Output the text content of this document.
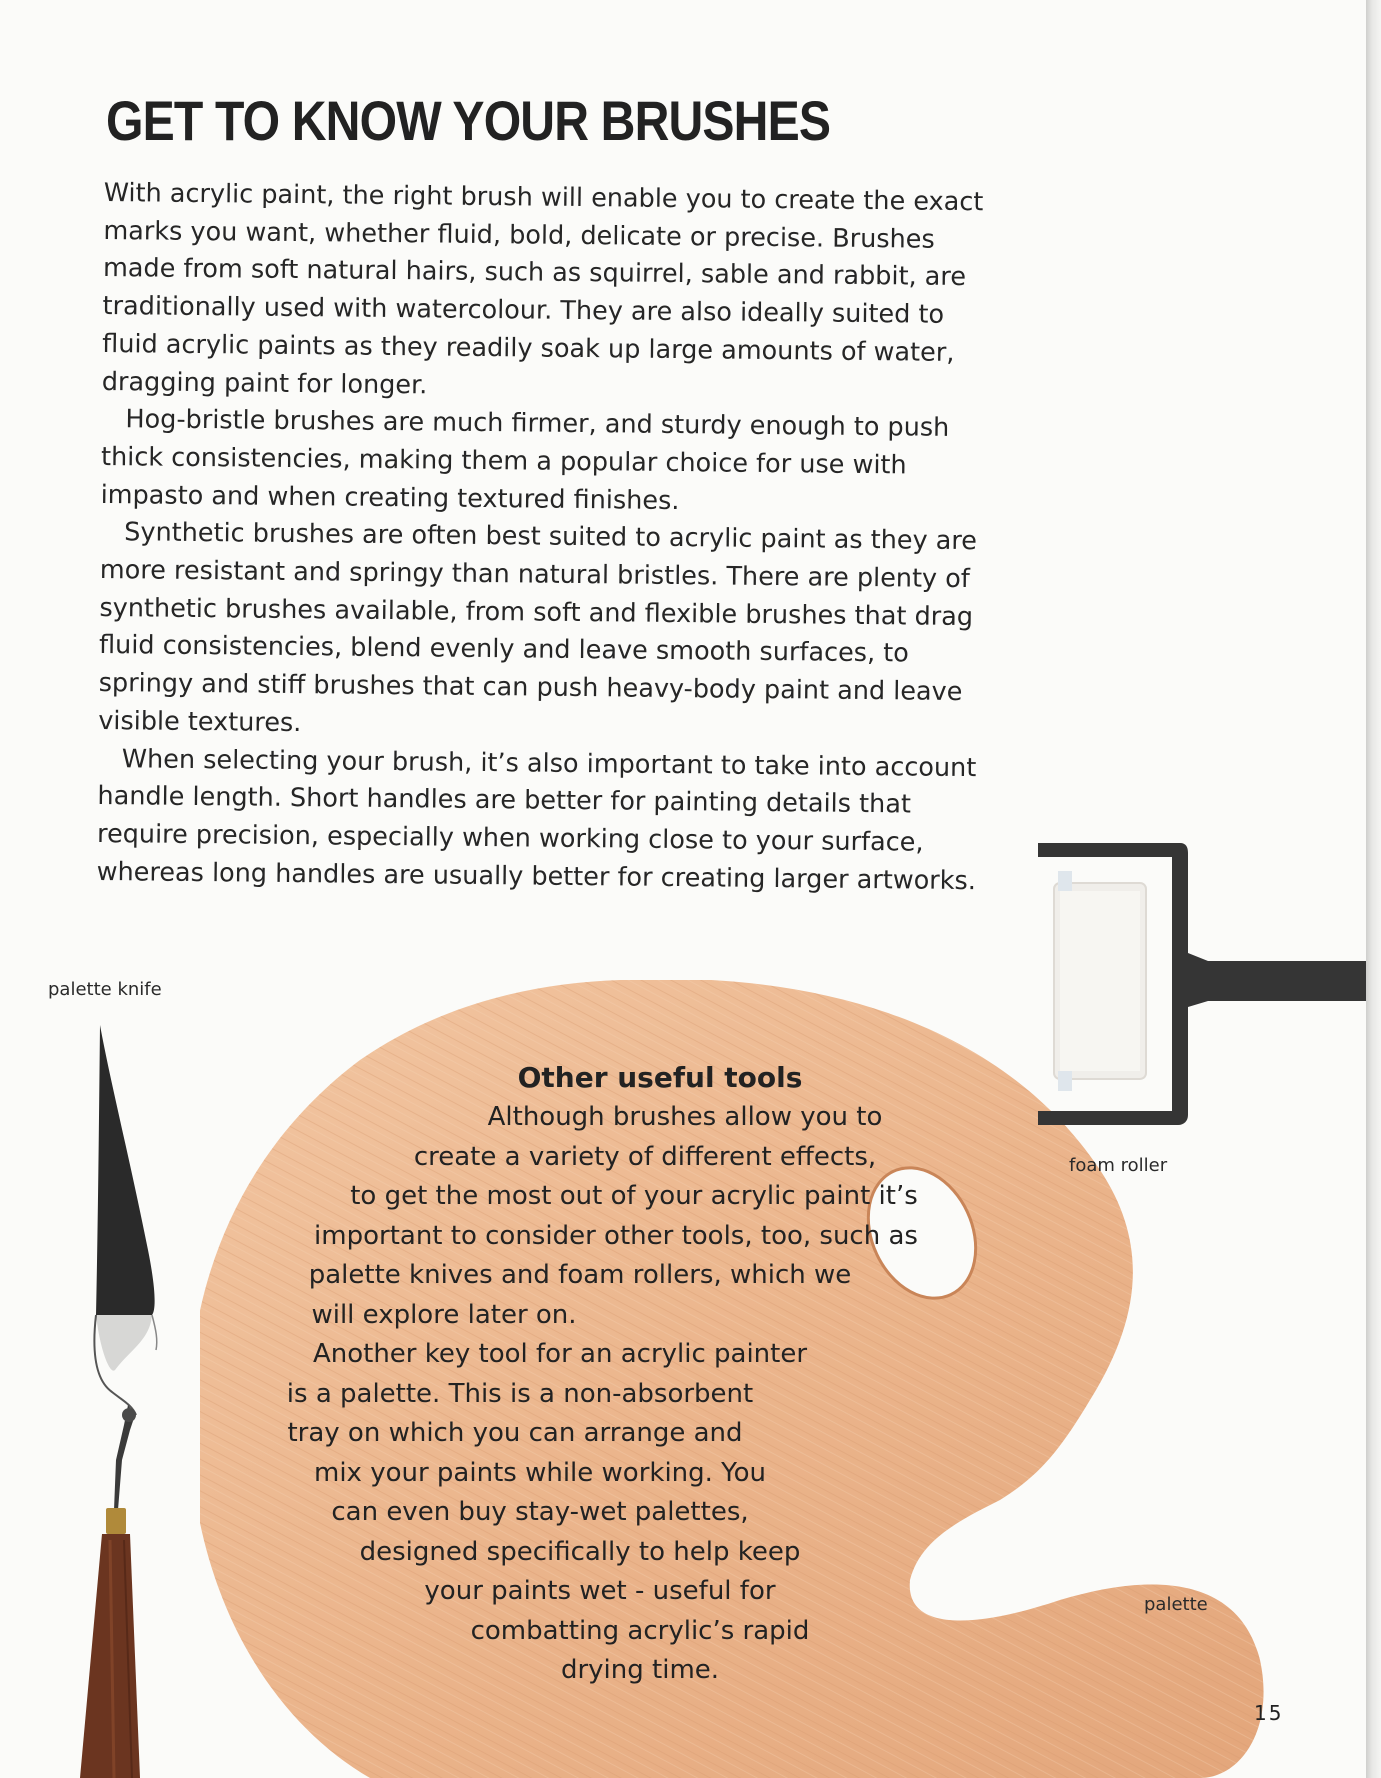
GET TO KNOW YOUR BRUSHES

With acrylic paint, the right brush will enable you to create the exact marks you want, whether fluid, bold, delicate or precise. Brushes made from soft natural hairs, such as squirrel, sable and rabbit, are traditionally used with watercolour. They are also ideally suited to fluid acrylic paints as they readily soak up large amounts of water, dragging paint for longer.

Hog-bristle brushes are much firmer, and sturdy enough to push thick consistencies, making them a popular choice for use with impasto and when creating textured finishes.

Synthetic brushes are often best suited to acrylic paint as they are more resistant and springy than natural bristles. There are plenty of synthetic brushes available, from soft and flexible brushes that drag fluid consistencies, blend evenly and leave smooth surfaces, to springy and stiff brushes that can push heavy-body paint and leave visible textures.

When selecting your brush, it’s also important to take into account handle length. Short handles are better for painting details that require precision, especially when working close to your surface, whereas long handles are usually better for creating larger artworks.

palette knife
foam roller
palette
Other useful tools
Although brushes allow you to
create a variety of different effects,
to get the most out of your acrylic paint it’s
important to consider other tools, too, such as
palette knives and foam rollers, which we
will explore later on.
Another key tool for an acrylic painter
is a palette. This is a non-absorbent
tray on which you can arrange and
mix your paints while working. You
can even buy stay-wet palettes,
designed specifically to help keep
your paints wet - useful for
combatting acrylic’s rapid
drying time.
15
